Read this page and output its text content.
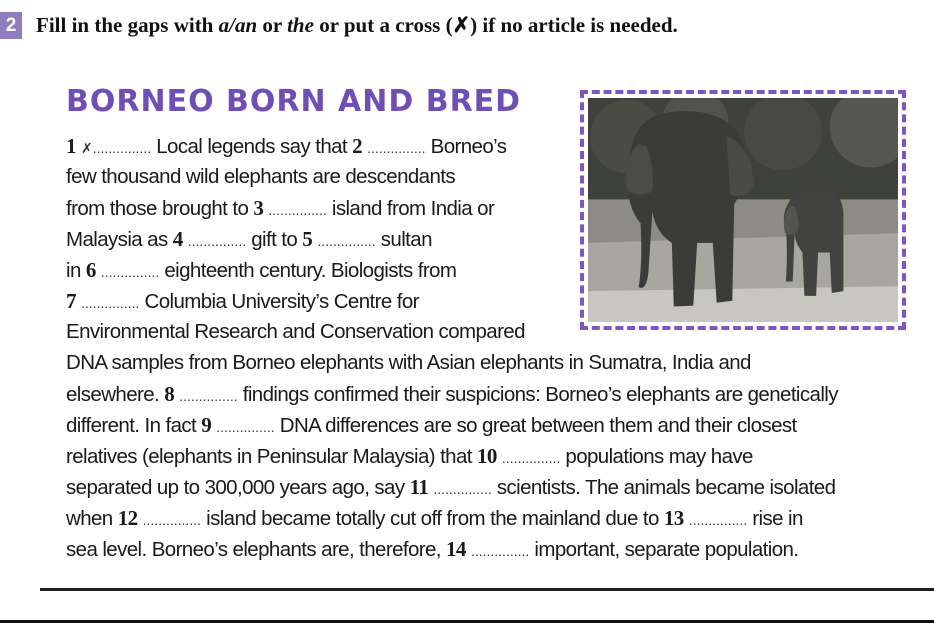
2 Fill in the gaps with a/an or the or put a cross (✗) if no article is needed.
BORNEO BORN AND BRED
1 ✗............... Local legends say that 2 ............... Borneo’s
few thousand wild elephants are descendants
from those brought to 3 ............... island from India or
Malaysia as 4 ............... gift to 5 ............... sultan
in 6 ............... eighteenth century. Biologists from
7 ............... Columbia University’s Centre for
Environmental Research and Conservation compared
DNA samples from Borneo elephants with Asian elephants in Sumatra, India and
elsewhere. 8 ............... findings confirmed their suspicions: Borneo’s elephants are genetically
different. In fact 9 ............... DNA differences are so great between them and their closest
relatives (elephants in Peninsular Malaysia) that 10 ............... populations may have
separated up to 300,000 years ago, say 11 ............... scientists. The animals became isolated
when 12 ............... island became totally cut off from the mainland due to 13 ............... rise in
sea level. Borneo’s elephants are, therefore, 14 ............... important, separate population.
